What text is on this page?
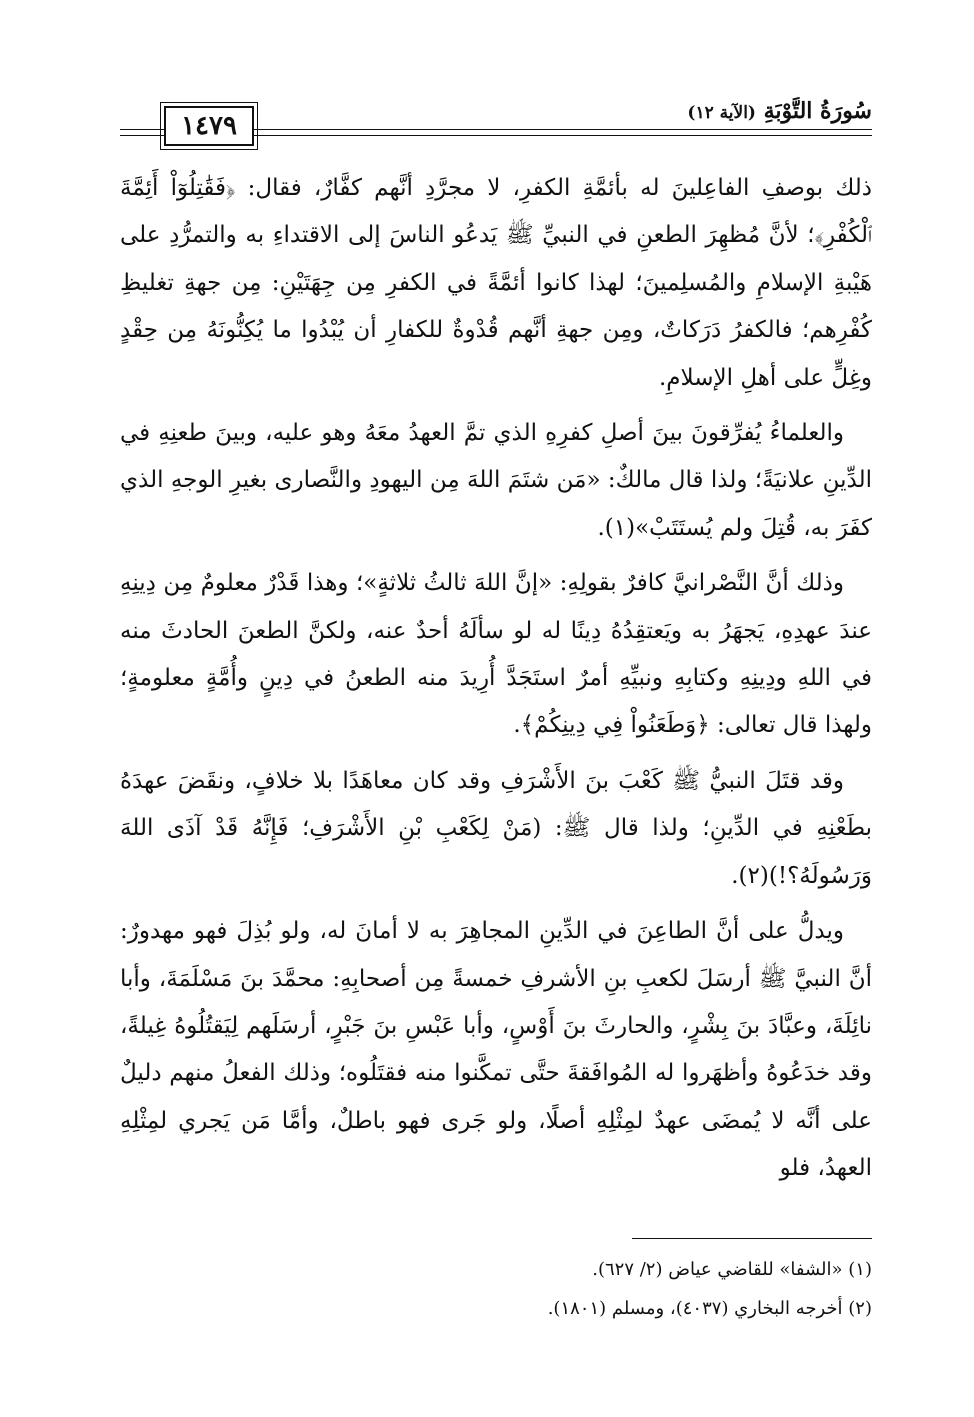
سُورَةُ التَّوْبَةِ (الآية ١٢)
١٤٧٩

ذلك بوصفِ الفاعِلينَ له بأئمَّةِ الكفرِ، لا مجرَّدِ أنَّهم كفَّارٌ، فقال: ﴿فَقَٰتِلُوٓاْ أَئِمَّةَ ٱلْكُفْرِ﴾؛ لأنَّ مُظهِرَ الطعنِ في النبيِّ ﷺ يَدعُو الناسَ إلى الاقتداءِ به والتمرُّدِ على هَيْبةِ الإسلامِ والمُسلِمينَ؛ لهذا كانوا أئمَّةً في الكفرِ مِن جِهَتَيْنِ: مِن جهةِ تغليظِ كُفْرِهم؛ فالكفرُ دَرَكاتٌ، ومِن جهةِ أنَّهم قُدْوةٌ للكفارِ أن يُبْدُوا ما يُكِنُّونَهُ مِن حِقْدٍ وغِلٍّ على أهلِ الإسلامِ.

والعلماءُ يُفرِّقونَ بينَ أصلِ كفرِهِ الذي تمَّ العهدُ معَهُ وهو عليه، وبينَ طعنِهِ في الدِّينِ علانيَةً؛ ولذا قال مالكٌ: «مَن شتَمَ اللهَ مِن اليهودِ والنَّصارى بغيرِ الوجهِ الذي كفَرَ به، قُتِلَ ولم يُستَتَبْ»(١).

وذلك أنَّ النَّصْرانيَّ كافرٌ بقولِهِ: «إنَّ اللهَ ثالثُ ثلاثةٍ»؛ وهذا قَدْرٌ معلومٌ مِن دِينِهِ عندَ عهدِهِ، يَجهَرُ به ويَعتقِدُهُ دِينًا له لو سألَهُ أحدٌ عنه، ولكنَّ الطعنَ الحادثَ منه في اللهِ ودِينِهِ وكتابِهِ ونبيِّهِ أمرٌ استَجَدَّ أُرِيدَ منه الطعنُ في دِينٍ وأُمَّةٍ معلومةٍ؛ ولهذا قال تعالى: ﴿وَطَعَنُواْ فِي دِينِكُمْ﴾.

وقد قتَلَ النبيُّ ﷺ كَعْبَ بنَ الأَشْرَفِ وقد كان معاهَدًا بلا خلافٍ، ونقَضَ عهدَهُ بطَعْنِهِ في الدِّينِ؛ ولذا قال ﷺ: (مَنْ لِكَعْبِ بْنِ الأَشْرَفِ؛ فَإِنَّهُ قَدْ آذَى اللهَ وَرَسُولَهُ؟!)(٢).

ويدلُّ على أنَّ الطاعِنَ في الدِّينِ المجاهِرَ به لا أمانَ له، ولو بُذِلَ فهو مهدورٌ: أنَّ النبيَّ ﷺ أرسَلَ لكعبِ بنِ الأشرفِ خمسةً مِن أصحابِهِ: محمَّدَ بنَ مَسْلَمَةَ، وأبا نائِلَةَ، وعبَّادَ بنَ بِشْرٍ، والحارثَ بنَ أَوْسٍ، وأبا عَبْسِ بنَ جَبْرٍ، أرسَلَهم لِيَقتُلُوهُ غِيلةً، وقد خدَعُوهُ وأظهَروا له المُوافَقةَ حتَّى تمكَّنوا منه فقتَلُوه؛ وذلك الفعلُ منهم دليلٌ على أنَّه لا يُمضَى عهدٌ لمِثْلِهِ أصلًا، ولو جَرى فهو باطلٌ، وأمَّا مَن يَجري لمِثْلِهِ العهدُ، فلو

(١) «الشفا» للقاضي عياض (٢/ ٦٢٧).

(٢) أخرجه البخاري (٤٠٣٧)، ومسلم (١٨٠١).
